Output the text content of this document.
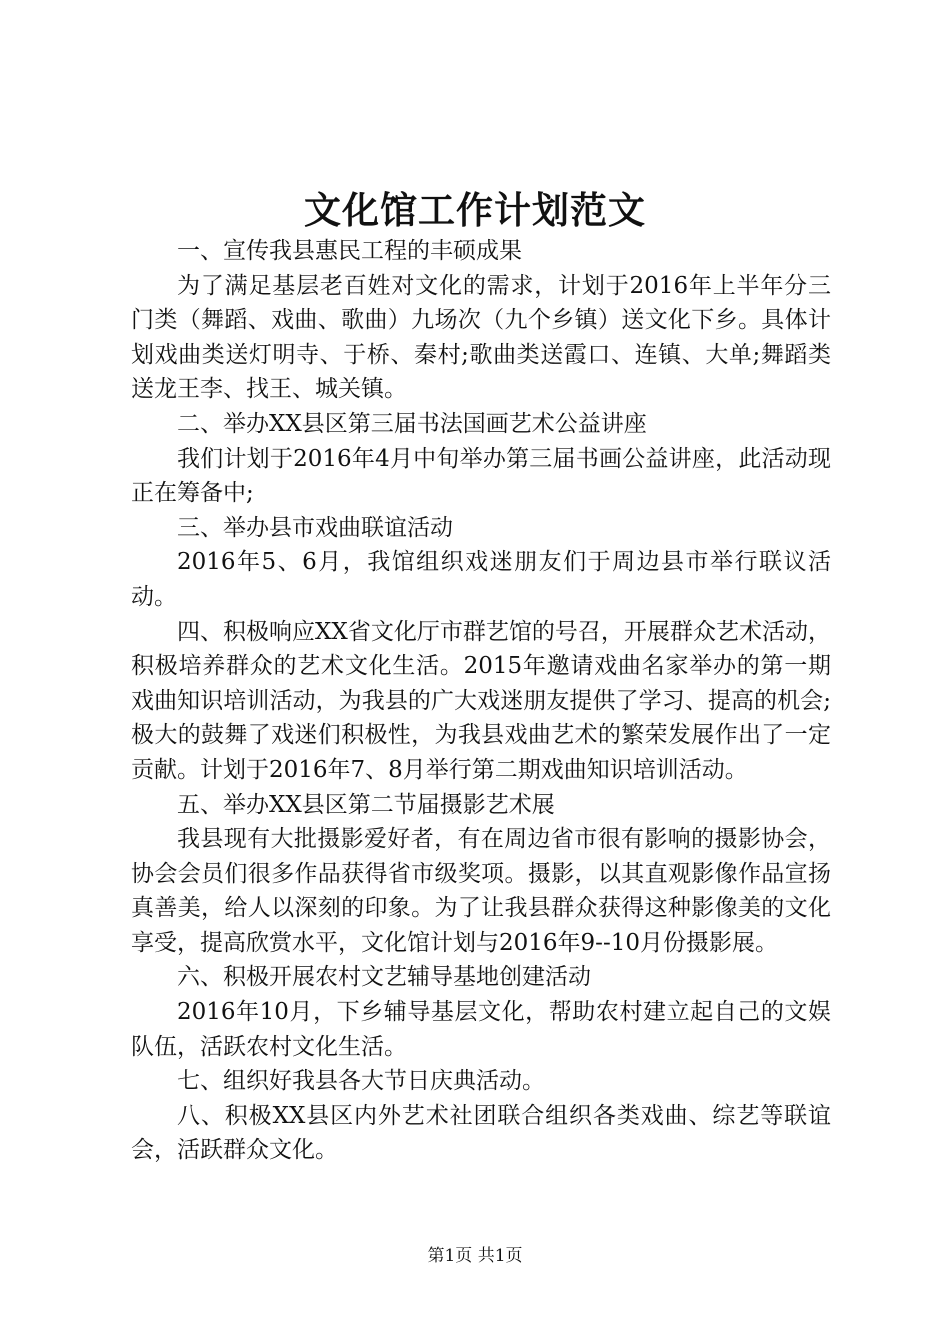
文化馆工作计划范文

一、宣传我县惠民工程的丰硕成果

为了满足基层老百姓对文化的需求，计划于2016年上半年分三门类（舞蹈、戏曲、歌曲）九场次（九个乡镇）送文化下乡。具体计划戏曲类送灯明寺、于桥、秦村;歌曲类送霞口、连镇、大单;舞蹈类送龙王李、找王、城关镇。

二、举办XX县区第三届书法国画艺术公益讲座

我们计划于2016年4月中旬举办第三届书画公益讲座，此活动现正在筹备中;

三、举办县市戏曲联谊活动

2016年5、6月，我馆组织戏迷朋友们于周边县市举行联议活动。

四、积极响应XX省文化厅市群艺馆的号召，开展群众艺术活动，积极培养群众的艺术文化生活。2015年邀请戏曲名家举办的第一期戏曲知识培训活动，为我县的广大戏迷朋友提供了学习、提高的机会;极大的鼓舞了戏迷们积极性，为我县戏曲艺术的繁荣发展作出了一定贡献。计划于2016年7、8月举行第二期戏曲知识培训活动。

五、举办XX县区第二节届摄影艺术展

我县现有大批摄影爱好者，有在周边省市很有影响的摄影协会，协会会员们很多作品获得省市级奖项。摄影，以其直观影像作品宣扬真善美，给人以深刻的印象。为了让我县群众获得这种影像美的文化享受，提高欣赏水平，文化馆计划与2016年9--10月份摄影展。

六、积极开展农村文艺辅导基地创建活动

2016年10月，下乡辅导基层文化，帮助农村建立起自己的文娱队伍，活跃农村文化生活。

七、组织好我县各大节日庆典活动。

八、积极XX县区内外艺术社团联合组织各类戏曲、综艺等联谊会，活跃群众文化。

第1页 共1页
